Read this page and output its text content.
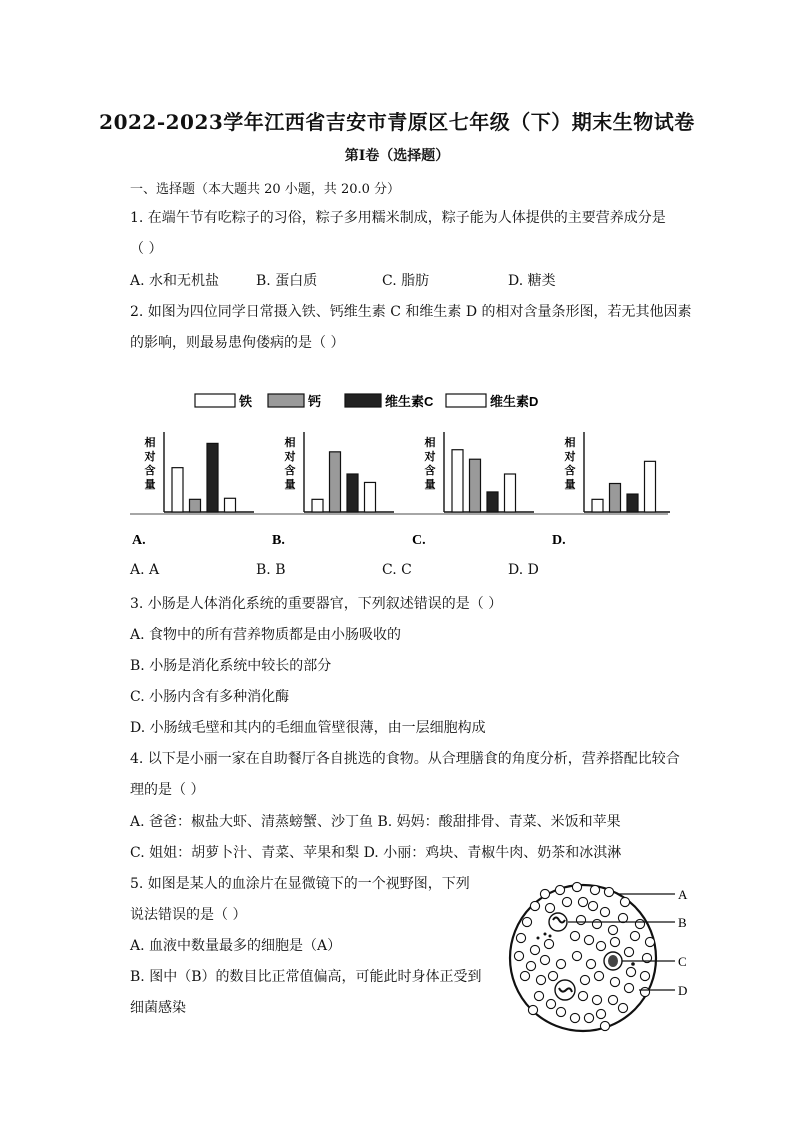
2022-2023学年江西省吉安市青原区七年级（下）期末生物试卷
第Ⅰ卷（选择题）
一、选择题（本大题共 20 小题，共 20.0 分）
1. 在端午节有吃粽子的习俗，粽子多用糯米制成，粽子能为人体提供的主要营养成分是
（ ）
A. 水和无机盐	B. 蛋白质	C. 脂肪	D. 糖类
2. 如图为四位同学日常摄入铁、钙维生素 C 和维生素 D 的相对含量条形图，若无其他因素
的影响，则最易患佝偻病的是（ ）
铁	钙	维生素C	维生素D
相
对
含
量
A.
相
对
含
量
B.
相
对
含
量
C.
相
对
含
量
D.
A. A	B. B	C. C	D. D
3. 小肠是人体消化系统的重要器官，下列叙述错误的是（ ）
A. 食物中的所有营养物质都是由小肠吸收的
B. 小肠是消化系统中较长的部分
C. 小肠内含有多种消化酶
D. 小肠绒毛壁和其内的毛细血管壁很薄，由一层细胞构成
4. 以下是小丽一家在自助餐厅各自挑选的食物。从合理膳食的角度分析，营养搭配比较合
理的是（ ）
A. 爸爸：椒盐大虾、清蒸螃蟹、沙丁鱼 B. 妈妈：酸甜排骨、青菜、米饭和苹果
C. 姐姐：胡萝卜汁、青菜、苹果和梨 D. 小丽：鸡块、青椒牛肉、奶茶和冰淇淋
5. 如图是某人的血涂片在显微镜下的一个视野图，下列
说法错误的是（ ）
A. 血液中数量最多的细胞是（A）
B. 图中（B）的数目比正常值偏高，可能此时身体正受到
细菌感染
A
B
C
D
